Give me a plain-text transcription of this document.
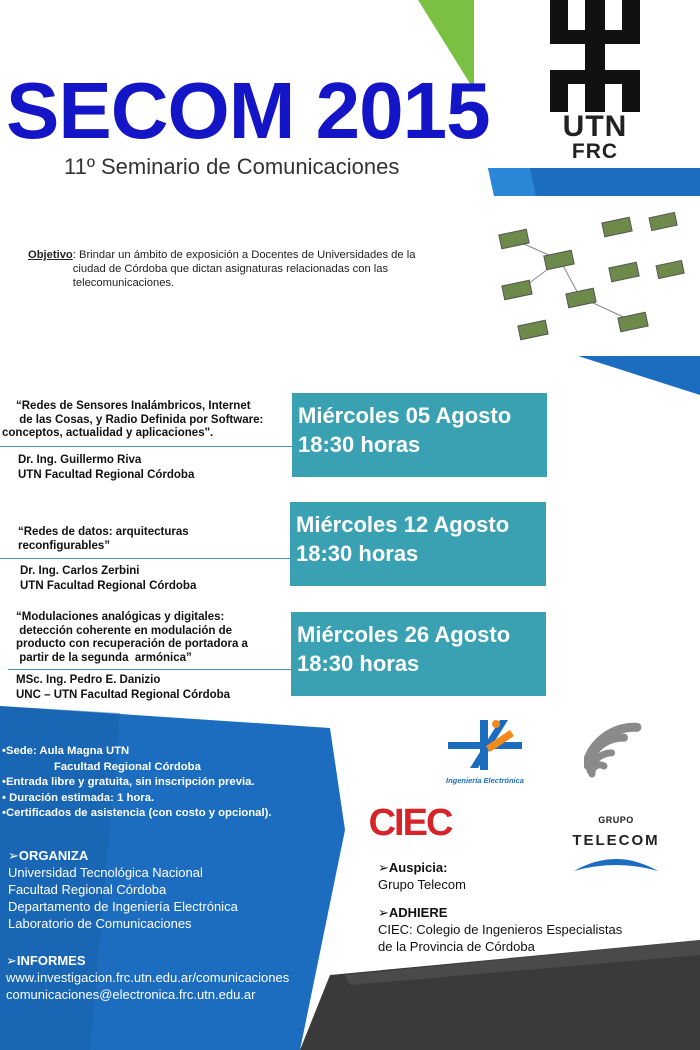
SECOM 2015
11º Seminario de Comunicaciones
UTN
FRC
Objetivo: Brindar un ámbito de exposición a Docentes de Universidades de la ciudad de Córdoba que dictan asignaturas relacionadas con las telecomunicaciones.
“Redes de Sensores Inalámbricos, Internet
de las Cosas, y Radio Definida por Software:
conceptos, actualidad y aplicaciones".
Dr. Ing. Guillermo Riva
UTN Facultad Regional Córdoba
Miércoles 05 Agosto
18:30 horas
“Redes de datos: arquitecturas
reconfigurables”
Dr. Ing. Carlos Zerbini
UTN Facultad Regional Córdoba
Miércoles 12 Agosto
18:30 horas
“Modulaciones analógicas y digitales:
detección coherente en modulación de
producto con recuperación de portadora a
partir de la segunda  armónica”
MSc. Ing. Pedro E. Danizio
UNC – UTN Facultad Regional Córdoba
Miércoles 26 Agosto
18:30 horas
•Sede: Aula Magna UTN
Facultad Regional Córdoba
•Entrada libre y gratuita, sin inscripción previa.
• Duración estimada: 1 hora.
•Certificados de asistencia (con costo y opcional).
➢ORGANIZA
Universidad Tecnológica Nacional
Facultad Regional Córdoba
Departamento de Ingeniería Electrónica
Laboratorio de Comunicaciones
➢INFORMES
www.investigacion.frc.utn.edu.ar/comunicaciones
comunicaciones@electronica.frc.utn.edu.ar
Ingeniería Electrónica
CIEC	GRUPO
TELECOM
➢Auspicia:
Grupo Telecom
➢ADHIERE
CIEC: Colegio de Ingenieros Especialistas
de la Provincia de Córdoba
